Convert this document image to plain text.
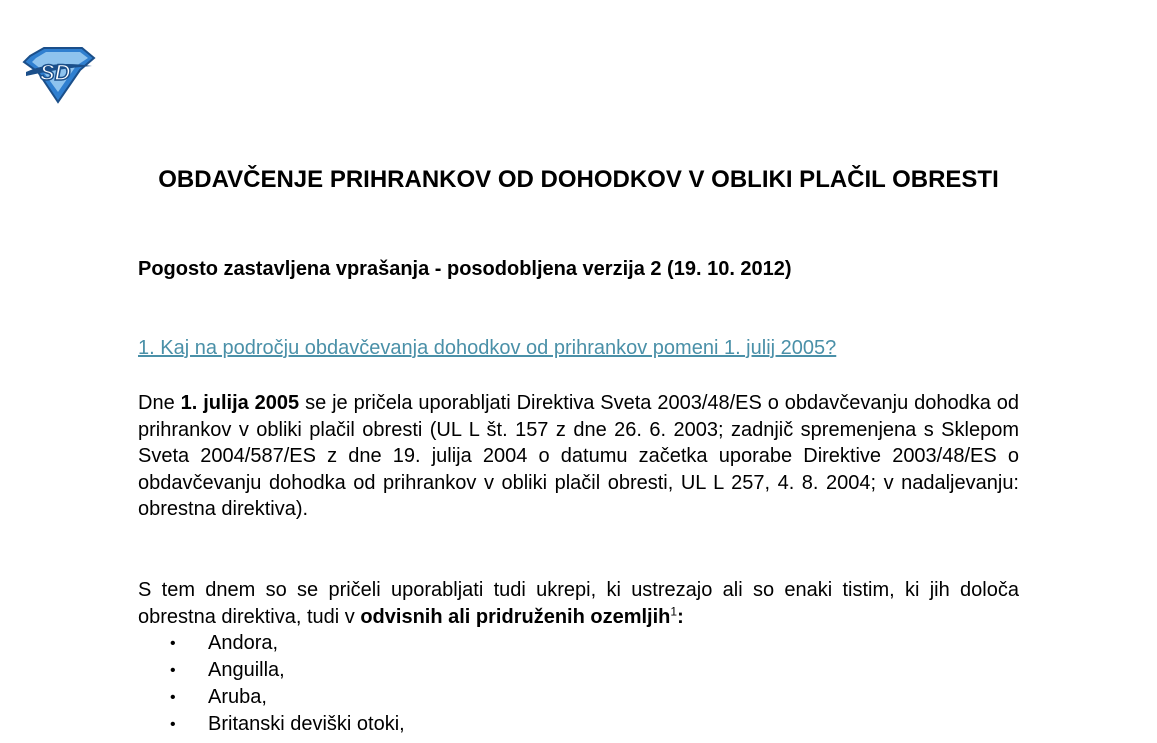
SD
OBDAVČENJE PRIHRANKOV OD DOHODKOV V OBLIKI PLAČIL OBRESTI

Pogosto zastavljena vprašanja - posodobljena verzija 2 (19. 10. 2012)

1. Kaj na področju obdavčevanja dohodkov od prihrankov pomeni 1. julij 2005?

Dne 1. julija 2005 se je pričela uporabljati Direktiva Sveta 2003/48/ES o obdavčevanju dohodka od prihrankov v obliki plačil obresti (UL L št. 157 z dne 26. 6. 2003; zadnjič spremenjena s Sklepom Sveta 2004/587/ES z dne 19. julija 2004 o datumu začetka uporabe Direktive 2003/48/ES o obdavčevanju dohodka od prihrankov v obliki plačil obresti, UL L 257, 4. 8. 2004; v nadaljevanju: obrestna direktiva).

S tem dnem so se pričeli uporabljati tudi ukrepi, ki ustrezajo ali so enaki tistim, ki jih določa obrestna direktiva, tudi v odvisnih ali pridruženih ozemljih$^1$:

• Andora,
• Anguilla,
• Aruba,
• Britanski deviški otoki,
